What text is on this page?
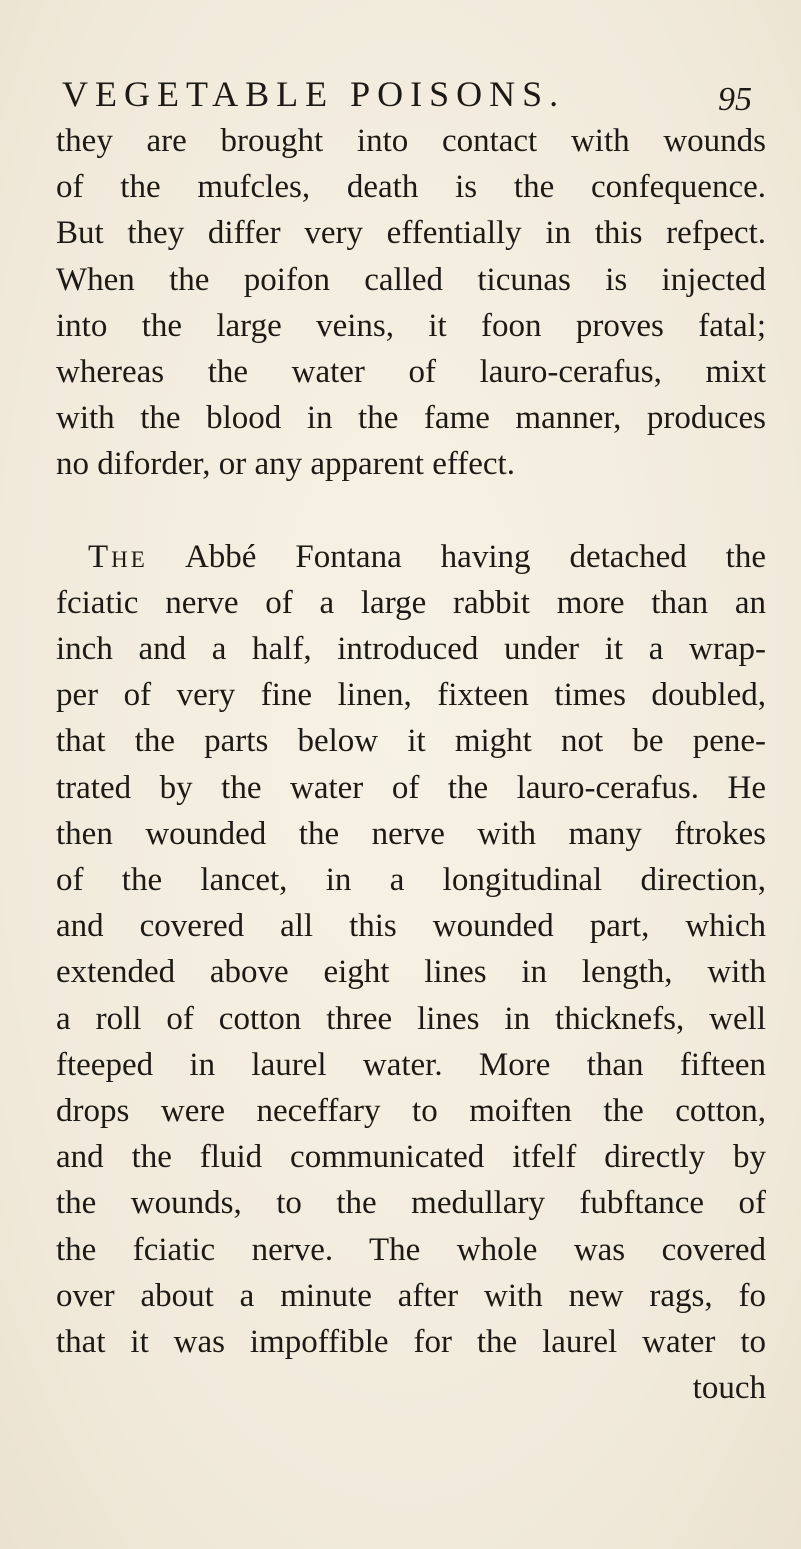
VEGETABLE POISONS.	95
they are brought into contact with wounds
of the mufcles, death is the confequence.
But they differ very effentially in this refpect.
When the poifon called ticunas is injected
into the large veins, it foon proves fatal;
whereas the water of lauro-cerafus, mixt
with the blood in the fame manner, produces
no diforder, or any apparent effect.
The Abbé Fontana having detached the
fciatic nerve of a large rabbit more than an
inch and a half, introduced under it a wrap-
per of very fine linen, fixteen times doubled,
that the parts below it might not be pene-
trated by the water of the lauro-cerafus. He
then wounded the nerve with many ftrokes
of the lancet, in a longitudinal direction,
and covered all this wounded part, which
extended above eight lines in length, with
a roll of cotton three lines in thicknefs, well
fteeped in laurel water. More than fifteen
drops were neceffary to moiften the cotton,
and the fluid communicated itfelf directly by
the wounds, to the medullary fubftance of
the fciatic nerve. The whole was covered
over about a minute after with new rags, fo
that it was impoffible for the laurel water to
touch
